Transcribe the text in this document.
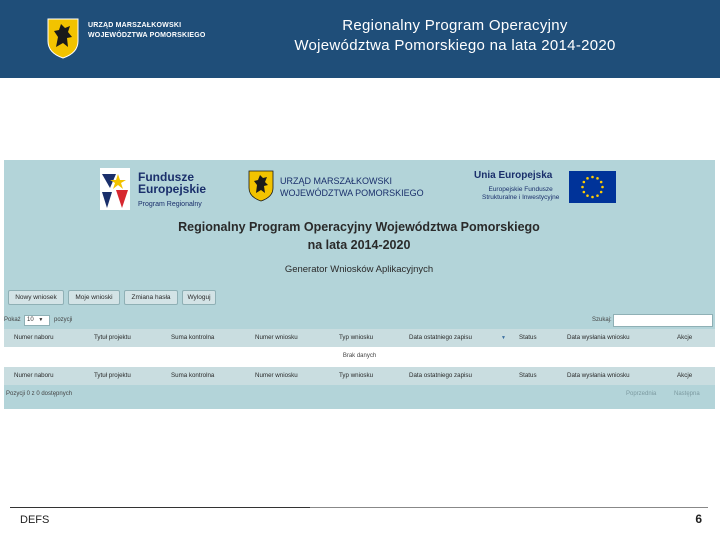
URZĄD MARSZAŁKOWSKI
WOJEWÓDZTWA POMORSKIEGO
Regionalny Program Operacyjny
Województwa Pomorskiego na lata 2014-2020
Fundusze
Europejskie
Program Regionalny
URZĄD MARSZAŁKOWSKI
WOJEWÓDZTWA POMORSKIEGO
Unia Europejska
Europejskie Fundusze
Strukturalne i Inwestycyjne
Regionalny Program Operacyjny Województwa Pomorskiego
na lata 2014-2020
Generator Wniosków Aplikacyjnych
Nowy wniosek	Moje wnioski	Zmiana hasła	Wyloguj
Pokaż	10 ▼	pozycji	Szukaj:
Numer naboru	Tytuł projektu	Suma kontrolna	Numer wniosku	Typ wniosku	Data ostatniego zapisu	▼ Status	Data wysłania wniosku	Akcje
Brak danych
Numer naboru	Tytuł projektu	Suma kontrolna	Numer wniosku	Typ wniosku	Data ostatniego zapisu	Status	Data wysłania wniosku	Akcje
Pozycji 0 z 0 dostępnych	Poprzednia	Następna
DEFS	6
